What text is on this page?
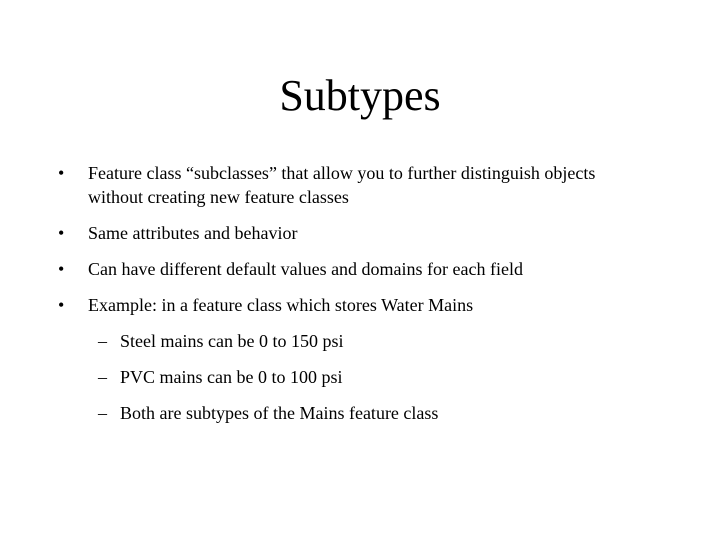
Subtypes
•	Feature class “subclasses” that allow you to further distinguish objects
without creating new feature classes
•	Same attributes and behavior
•	Can have different default values and domains for each field
•	Example: in a feature class which stores Water Mains
– Steel mains can be 0 to 150 psi
– PVC mains can be 0 to 100 psi
– Both are subtypes of the Mains feature class
